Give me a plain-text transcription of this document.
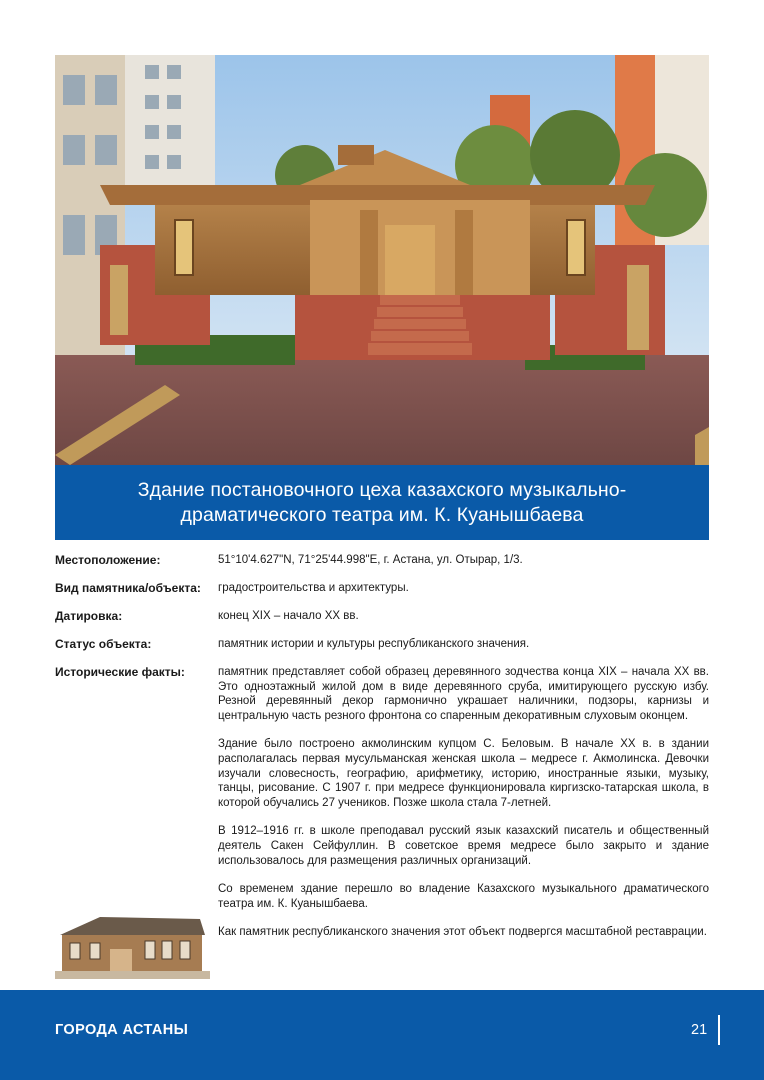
Здание постановочного цеха казахского музыкально-
драматического театра им. К. Куанышбаева
Местоположение:	51°10'4.627"N, 71°25'44.998"E, г. Астана, ул. Отырар, 1/3.
Вид памятника/объекта:	градостроительства и архитектуры.
Датировка:	конец XIX – начало XX вв.
Статус объекта:	памятник истории и культуры республиканского значения.
Исторические факты:	памятник представляет собой образец деревянного зодчества конца XIX – начала XX вв. Это одноэтажный жилой дом в виде деревянного сруба, имитирующего русскую избу. Резной деревянный декор гармонично украшает наличники, подзоры, карнизы и центральную часть резного фронтона со спаренным декоративным слуховым оконцем.

Здание было построено акмолинским купцом С. Беловым. В начале XX в. в здании располагалась первая мусульманская женская школа – медресе г. Акмолинска. Девочки изучали словесность, географию, арифметику, историю, иностранные языки, музыку, танцы, рисование. С 1907 г. при медресе функционировала киргизско-татарская школа, в которой обучались 27 учеников. Позже школа стала 7-летней.

В 1912–1916 гг. в школе преподавал русский язык казахский писатель и общественный деятель Сакен Сейфуллин. В советское время медресе было закрыто и здание использовалось для размещения различных организаций.

Со временем здание перешло во владение Казахского музыкального драматического театра им. К. Куанышбаева.

Как памятник республиканского значения этот объект подвергся масштабной реставрации.

ГОРОДА АСТАНЫ	21
